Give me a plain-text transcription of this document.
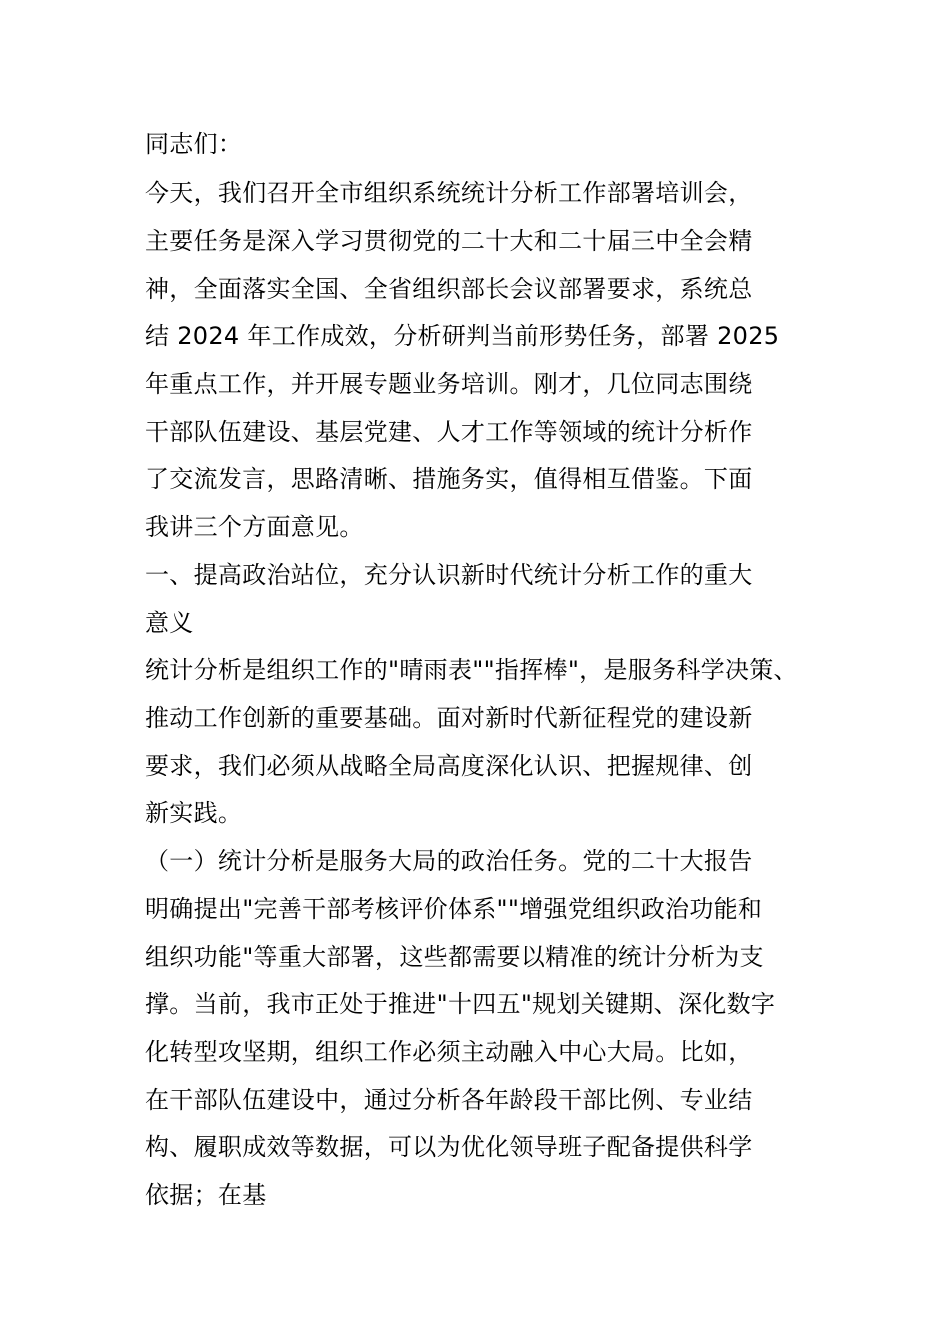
同志们：
今天，我们召开全市组织系统统计分析工作部署培训会，
主要任务是深入学习贯彻党的二十大和二十届三中全会精
神，全面落实全国、全省组织部长会议部署要求，系统总
结 2024 年工作成效，分析研判当前形势任务，部署 2025
年重点工作，并开展专题业务培训。刚才，几位同志围绕
干部队伍建设、基层党建、人才工作等领域的统计分析作
了交流发言，思路清晰、措施务实，值得相互借鉴。下面
我讲三个方面意见。
一、提高政治站位，充分认识新时代统计分析工作的重大
意义
统计分析是组织工作的"晴雨表""指挥棒"，是服务科学决策、
推动工作创新的重要基础。面对新时代新征程党的建设新
要求，我们必须从战略全局高度深化认识、把握规律、创
新实践。
（一）统计分析是服务大局的政治任务。党的二十大报告
明确提出"完善干部考核评价体系""增强党组织政治功能和
组织功能"等重大部署，这些都需要以精准的统计分析为支
撑。当前，我市正处于推进"十四五"规划关键期、深化数字
化转型攻坚期，组织工作必须主动融入中心大局。比如，
在干部队伍建设中，通过分析各年龄段干部比例、专业结
构、履职成效等数据，可以为优化领导班子配备提供科学
依据；在基
